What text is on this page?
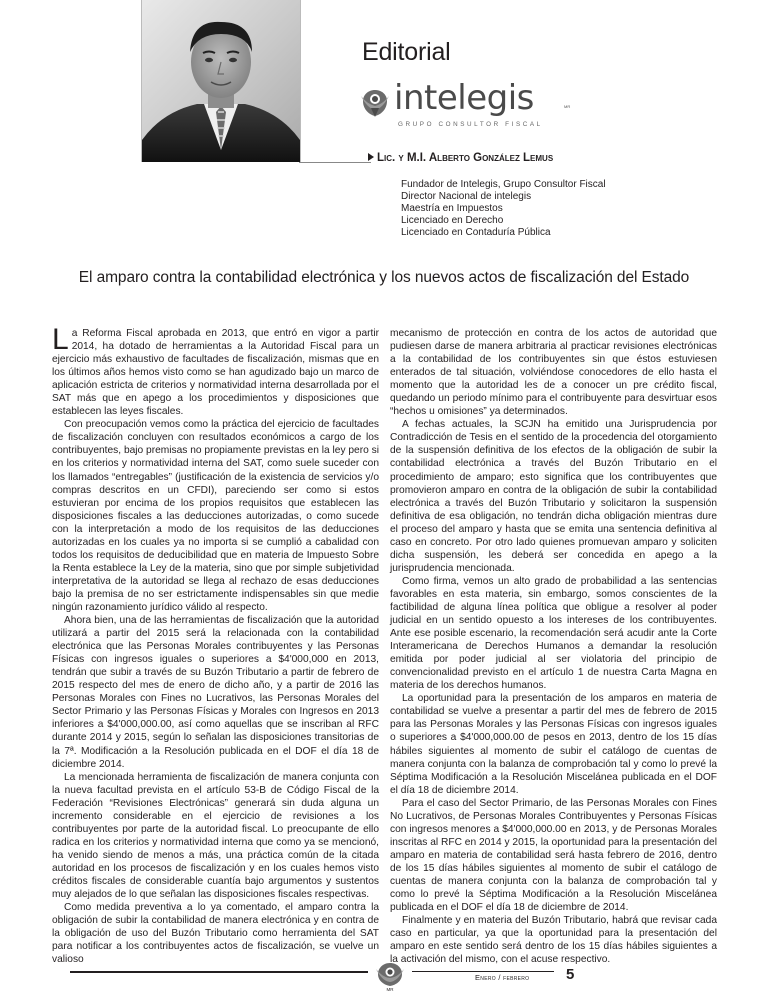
Editorial
intelegis	MR
GRUPO CONSULTOR FISCAL
Lic. y M.I. Alberto González Lemus
Fundador de Intelegis, Grupo Consultor Fiscal
Director Nacional de intelegis
Maestría en Impuestos
Licenciado en Derecho
Licenciado en Contaduría Pública
El amparo contra la contabilidad electrónica y los nuevos actos de fiscalización del Estado

La Reforma Fiscal aprobada en 2013, que entró en vigor a partir 2014, ha dotado de herramientas a la Autoridad Fiscal para un ejercicio más exhaustivo de facultades de fiscalización, mismas que en los últimos años hemos visto como se han agudizado bajo un marco de aplicación estricta de criterios y normatividad interna desarrollada por el SAT más que en apego a los procedimientos y disposiciones que establecen las leyes fiscales.

Con preocupación vemos como la práctica del ejercicio de facultades de fiscalización concluyen con resultados económicos a cargo de los contribuyentes, bajo premisas no propiamente previstas en la ley pero si en los criterios y normatividad interna del SAT, como suele suceder con los llamados “entregables” (justificación de la existencia de servicios y/o compras descritos en un CFDI), pareciendo ser como si estos estuvieran por encima de los propios requisitos que establecen las disposiciones fiscales a las deducciones autorizadas, o como sucede con la interpretación a modo de los requisitos de las deducciones autorizadas en los cuales ya no importa si se cumplió a cabalidad con todos los requisitos de deducibilidad que en materia de Impuesto Sobre la Renta establece la Ley de la materia, sino que por simple subjetividad interpretativa de la autoridad se llega al rechazo de esas deducciones bajo la premisa de no ser estrictamente indispensables sin que medie ningún razonamiento jurídico válido al respecto.

Ahora bien, una de las herramientas de fiscalización que la autoridad utilizará a partir del 2015 será la relacionada con la contabilidad electrónica que las Personas Morales contribuyentes y las Personas Físicas con ingresos iguales o superiores a $4'000,000 en 2013, tendrán que subir a través de su Buzón Tributario a partir de febrero de 2015 respecto del mes de enero de dicho año, y a partir de 2016 las Personas Morales con Fines no Lucrativos, las Personas Morales del Sector Primario y las Personas Físicas y Morales con Ingresos en 2013 inferiores a $4'000,000.00, así como aquellas que se inscriban al RFC durante 2014 y 2015, según lo señalan las disposiciones transitorias de la 7ª. Modificación a la Resolución publicada en el DOF el día 18 de diciembre 2014.

La mencionada herramienta de fiscalización de manera conjunta con la nueva facultad prevista en el artículo 53-B de Código Fiscal de la Federación “Revisiones Electrónicas” generará sin duda alguna un incremento considerable en el ejercicio de revisiones a los contribuyentes por parte de la autoridad fiscal. Lo preocupante de ello radica en los criterios y normatividad interna que como ya se mencionó, ha venido siendo de menos a más, una práctica común de la citada autoridad en los procesos de fiscalización y en los cuales hemos visto créditos fiscales de considerable cuantía bajo argumentos y sustentos muy alejados de lo que señalan las disposiciones fiscales respectivas.

Como medida preventiva a lo ya comentado, el amparo contra la obligación de subir la contabilidad de manera electrónica y en contra de la obligación de uso del Buzón Tributario como herramienta del SAT para notificar a los contribuyentes actos de fiscalización, se vuelve un valioso

mecanismo de protección en contra de los actos de autoridad que pudiesen darse de manera arbitraria al practicar revisiones electrónicas a la contabilidad de los contribuyentes sin que éstos estuviesen enterados de tal situación, volviéndose conocedores de ello hasta el momento que la autoridad les de a conocer un pre crédito fiscal, quedando un periodo mínimo para el contribuyente para desvirtuar esos “hechos u omisiones” ya determinados.

A fechas actuales, la SCJN ha emitido una Jurisprudencia por Contradicción de Tesis en el sentido de la procedencia del otorgamiento de la suspensión definitiva de los efectos de la obligación de subir la contabilidad electrónica a través del Buzón Tributario en el procedimiento de amparo; esto significa que los contribuyentes que promovieron amparo en contra de la obligación de subir la contabilidad electrónica a través del Buzón Tributario y solicitaron la suspensión definitiva de esa obligación, no tendrán dicha obligación mientras dure el proceso del amparo y hasta que se emita una sentencia definitiva al caso en concreto. Por otro lado quienes promuevan amparo y soliciten dicha suspensión, les deberá ser concedida en apego a la jurisprudencia mencionada.

Como firma, vemos un alto grado de probabilidad a las sentencias favorables en esta materia, sin embargo, somos conscientes de la factibilidad de alguna línea política que obligue a resolver al poder judicial en un sentido opuesto a los intereses de los contribuyentes. Ante ese posible escenario, la recomendación será acudir ante la Corte Interamericana de Derechos Humanos a demandar la resolución emitida por poder judicial al ser violatoria del principio de convencionalidad previsto en el artículo 1 de nuestra Carta Magna en materia de los derechos humanos.

La oportunidad para la presentación de los amparos en materia de contabilidad se vuelve a presentar a partir del mes de febrero de 2015 para las Personas Morales y las Personas Físicas con ingresos iguales o superiores a $4'000,000.00 de pesos en 2013, dentro de los 15 días hábiles siguientes al momento de subir el catálogo de cuentas de manera conjunta con la balanza de comprobación tal y como lo prevé la Séptima Modificación a la Resolución Miscelánea publicada en el DOF el día 18 de diciembre 2014.

Para el caso del Sector Primario, de las Personas Morales con Fines No Lucrativos, de Personas Morales Contribuyentes y Personas Físicas con ingresos menores a $4'000,000.00 en 2013, y de Personas Morales inscritas al RFC en 2014 y 2015, la oportunidad para la presentación del amparo en materia de contabilidad será hasta febrero de 2016, dentro de los 15 días hábiles siguientes al momento de subir el catálogo de cuentas de manera conjunta con la balanza de comprobación tal y como lo prevé la Séptima Modificación a la Resolución Miscelánea publicada en el DOF el día 18 de diciembre de 2014.

Finalmente y en materia del Buzón Tributario, habrá que revisar cada caso en particular, ya que la oportunidad para la presentación del amparo en este sentido será dentro de los 15 días hábiles siguientes a la activación del mismo, con el acuse respectivo.

MR
Enero / febrero 5
